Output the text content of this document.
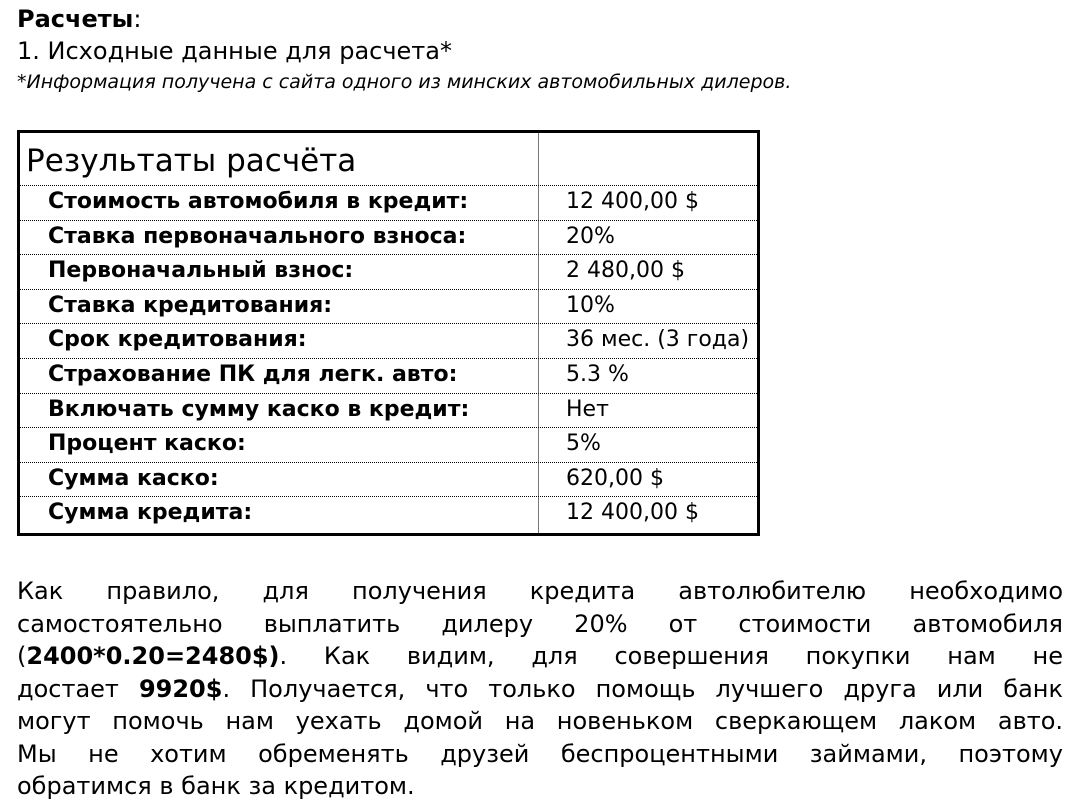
Расчеты:
1. Исходные данные для расчета*
*Информация получена с сайта одного из минских автомобильных дилеров.
Результаты расчёта
Стоимость автомобиля в кредит:	12 400,00 $
Ставка первоначального взноса:	20%
Первоначальный взнос:	2 480,00 $
Ставка кредитования:	10%
Срок кредитования:	36 мес. (3 года)
Страхование ПК для легк. авто:	5.3 %
Включать сумму каско в кредит:	Нет
Процент каско:	5%
Сумма каско:	620,00 $
Сумма кредита:	12 400,00 $
Как правило, для получения кредита автолюбителю необходимо
самостоятельно выплатить дилеру 20% от стоимости автомобиля
(2400*0.20=2480$). Как видим, для совершения покупки нам не
достает 9920$. Получается, что только помощь лучшего друга или банк
могут помочь нам уехать домой на новеньком сверкающем лаком авто.
Мы не хотим обременять друзей беспроцентными займами, поэтому
обратимся в банк за кредитом.
